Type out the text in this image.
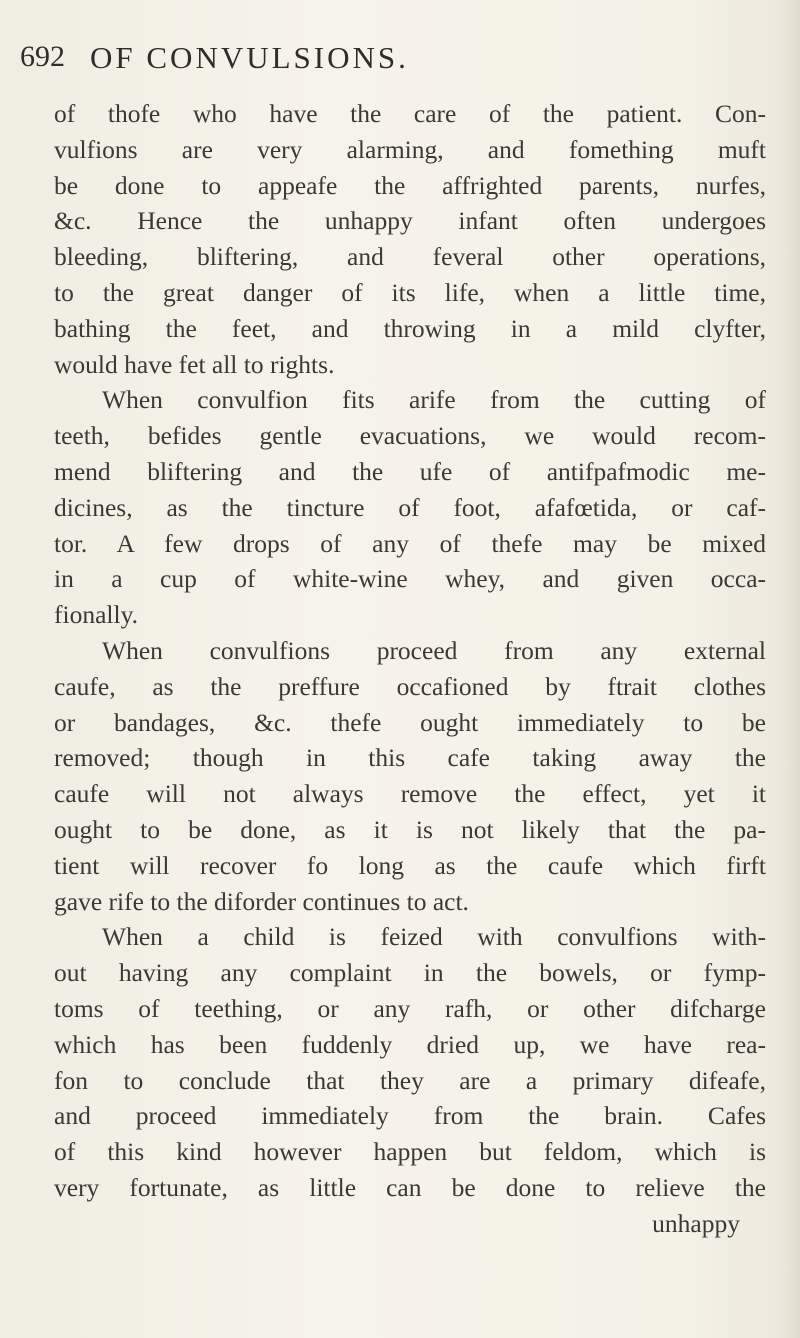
692 OF CONVULSIONS.
of thofe who have the care of the patient. Con-
vulfions are very alarming, and fomething muft
be done to appeafe the affrighted parents, nurfes,
&c. Hence the unhappy infant often undergoes
bleeding, bliftering, and feveral other operations,
to the great danger of its life, when a little time,
bathing the feet, and throwing in a mild clyfter,
would have fet all to rights.
When convulfion fits arife from the cutting of
teeth, befides gentle evacuations, we would recom-
mend bliftering and the ufe of antifpafmodic me-
dicines, as the tincture of foot, afafœtida, or caf-
tor. A few drops of any of thefe may be mixed
in a cup of white-wine whey, and given occa-
fionally.
When convulfions proceed from any external
caufe, as the preffure occafioned by ftrait clothes
or bandages, &c. thefe ought immediately to be
removed; though in this cafe taking away the
caufe will not always remove the effect, yet it
ought to be done, as it is not likely that the pa-
tient will recover fo long as the caufe which firft
gave rife to the diforder continues to act.
When a child is feized with convulfions with-
out having any complaint in the bowels, or fymp-
toms of teething, or any rafh, or other difcharge
which has been fuddenly dried up, we have rea-
fon to conclude that they are a primary difeafe,
and proceed immediately from the brain. Cafes
of this kind however happen but feldom, which is
very fortunate, as little can be done to relieve the
unhappy
